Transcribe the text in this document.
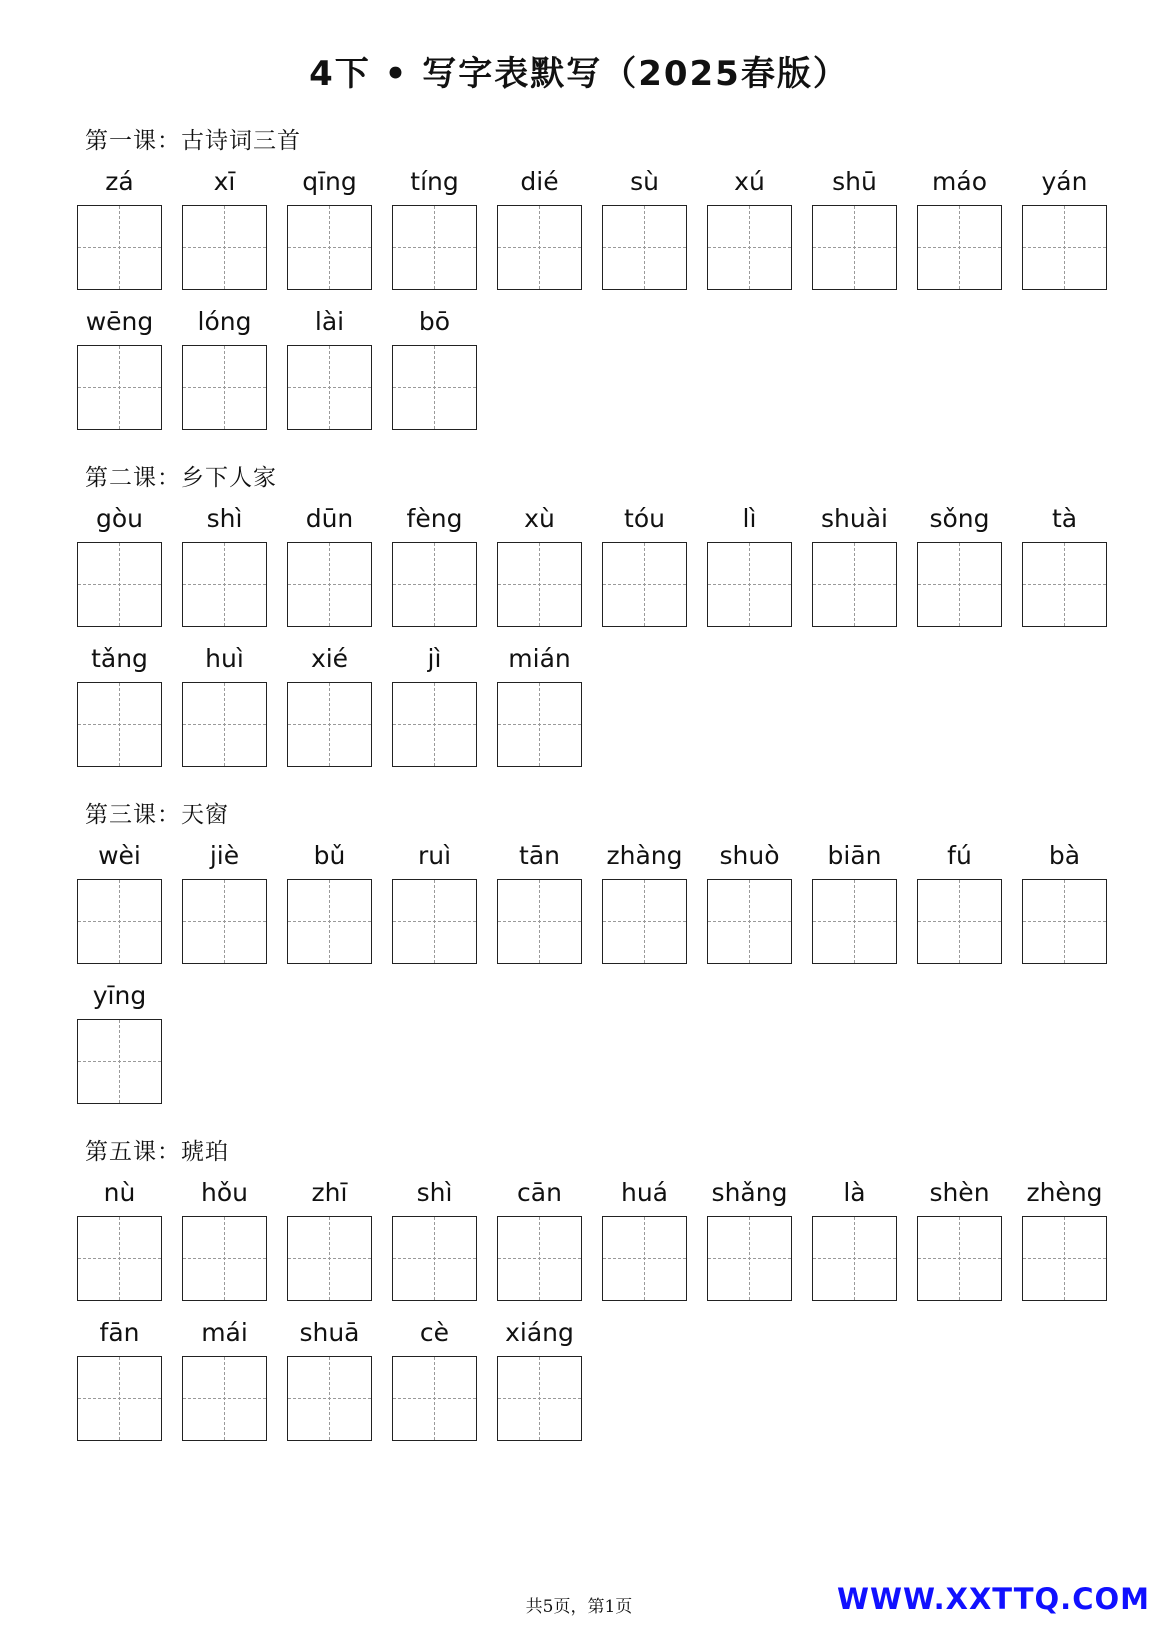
4下 • 写字表默写（2025春版）
第一课：古诗词三首
zá	xī	qīng	tíng	dié	sù	xú	shū	máo	yán
wēng	lóng	lài	bō
第二课：乡下人家
gòu	shì	dūn	fèng	xù	tóu	lì	shuài	sǒng	tà
tǎng	huì	xié	jì	mián
第三课：天窗
wèi	jiè	bǔ	ruì	tān	zhàng	shuò	biān	fú	bà
yīng
第五课：琥珀
nù	hǒu	zhī	shì	cān	huá	shǎng	là	shèn	zhèng
fān	mái	shuā	cè	xiáng
共5页，第1页	WWW.XXTTQ.COM
